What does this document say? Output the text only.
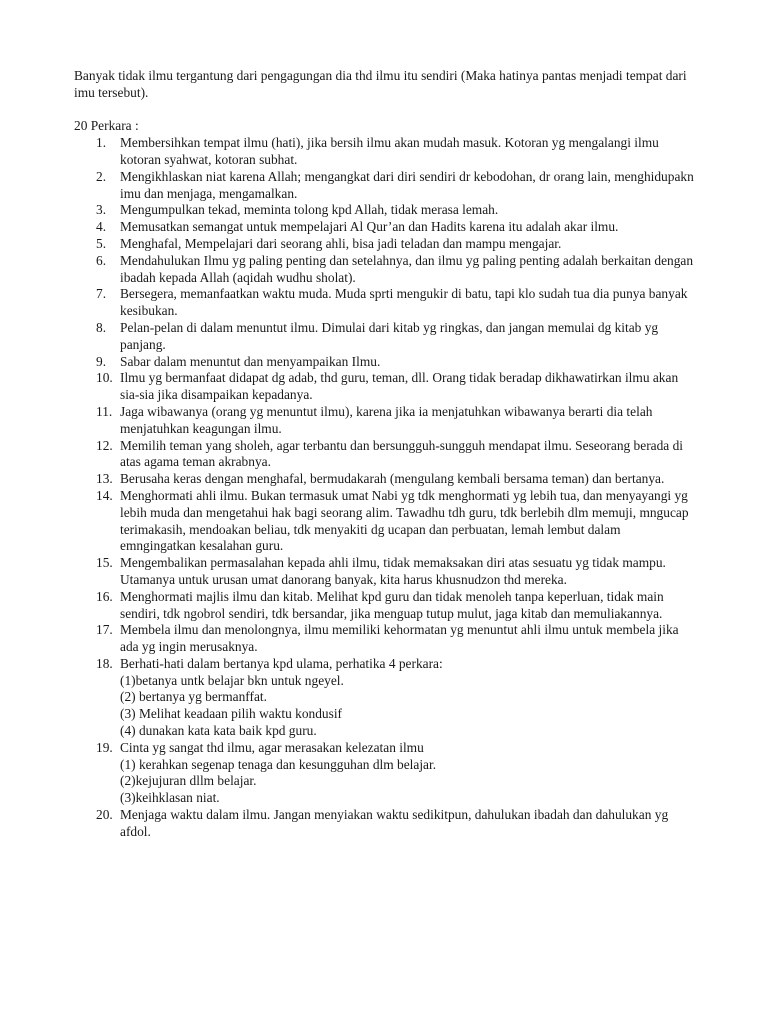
Banyak tidak ilmu tergantung dari pengagungan dia thd ilmu itu sendiri (Maka hatinya pantas menjadi tempat dari imu tersebut).

20 Perkara :

1.	Membersihkan tempat ilmu (hati), jika bersih ilmu akan mudah masuk. Kotoran yg mengalangi ilmu kotoran syahwat, kotoran subhat.
2.	Mengikhlaskan niat karena Allah; mengangkat dari diri sendiri dr kebodohan, dr orang lain, menghidupakn imu dan menjaga, mengamalkan.
3.	Mengumpulkan tekad, meminta tolong kpd Allah, tidak merasa lemah.
4.	Memusatkan semangat untuk mempelajari Al Qur’an dan Hadits karena itu adalah akar ilmu.
5.	Menghafal, Mempelajari dari seorang ahli, bisa jadi teladan dan mampu mengajar.
6.	Mendahulukan Ilmu yg paling penting dan setelahnya, dan ilmu yg paling penting adalah berkaitan dengan ibadah kepada Allah (aqidah wudhu sholat).
7.	Bersegera, memanfaatkan waktu muda. Muda sprti mengukir di batu, tapi klo sudah tua dia punya banyak kesibukan.
8.	Pelan-pelan di dalam menuntut ilmu. Dimulai dari kitab yg ringkas, dan jangan memulai dg kitab yg panjang.
9.	Sabar dalam menuntut dan menyampaikan Ilmu.
10. Ilmu yg bermanfaat didapat dg adab, thd guru, teman, dll. Orang tidak beradap dikhawatirkan ilmu akan sia-sia jika disampaikan kepadanya.
11. Jaga wibawanya (orang yg menuntut ilmu), karena jika ia menjatuhkan wibawanya berarti dia telah menjatuhkan keagungan ilmu.
12. Memilih teman yang sholeh, agar terbantu dan bersungguh-sungguh mendapat ilmu. Seseorang berada di atas agama teman akrabnya.
13. Berusaha keras dengan menghafal, bermudakarah (mengulang kembali bersama teman) dan bertanya.
14. Menghormati ahli ilmu. Bukan termasuk umat Nabi yg tdk menghormati yg lebih tua, dan menyayangi yg lebih muda dan mengetahui hak bagi seorang alim. Tawadhu tdh guru, tdk berlebih dlm memuji, mngucap terimakasih, mendoakan beliau, tdk menyakiti dg ucapan dan perbuatan, lemah lembut dalam emngingatkan kesalahan guru.
15. Mengembalikan permasalahan kepada ahli ilmu, tidak memaksakan diri atas sesuatu yg tidak mampu. Utamanya untuk urusan umat danorang banyak, kita harus khusnudzon thd mereka.
16. Menghormati majlis ilmu dan kitab. Melihat kpd guru dan tidak menoleh tanpa keperluan, tidak main sendiri, tdk ngobrol sendiri, tdk bersandar, jika menguap tutup mulut, jaga kitab dan memuliakannya.
17. Membela ilmu dan menolongnya, ilmu memiliki kehormatan yg menuntut ahli ilmu untuk membela jika ada yg ingin merusaknya.
18. Berhati-hati dalam bertanya kpd ulama, perhatika 4 perkara:
(1)betanya untk belajar bkn untuk ngeyel.
(2) bertanya yg bermanffat.
(3) Melihat keadaan pilih waktu kondusif
(4) dunakan kata kata baik kpd guru.
19. Cinta yg sangat thd ilmu, agar merasakan kelezatan ilmu
(1) kerahkan segenap tenaga dan kesungguhan dlm belajar.
(2)kejujuran dllm belajar.
(3)keihklasan niat.
20. Menjaga waktu dalam ilmu. Jangan menyiakan waktu sedikitpun, dahulukan ibadah dan dahulukan yg afdol.
